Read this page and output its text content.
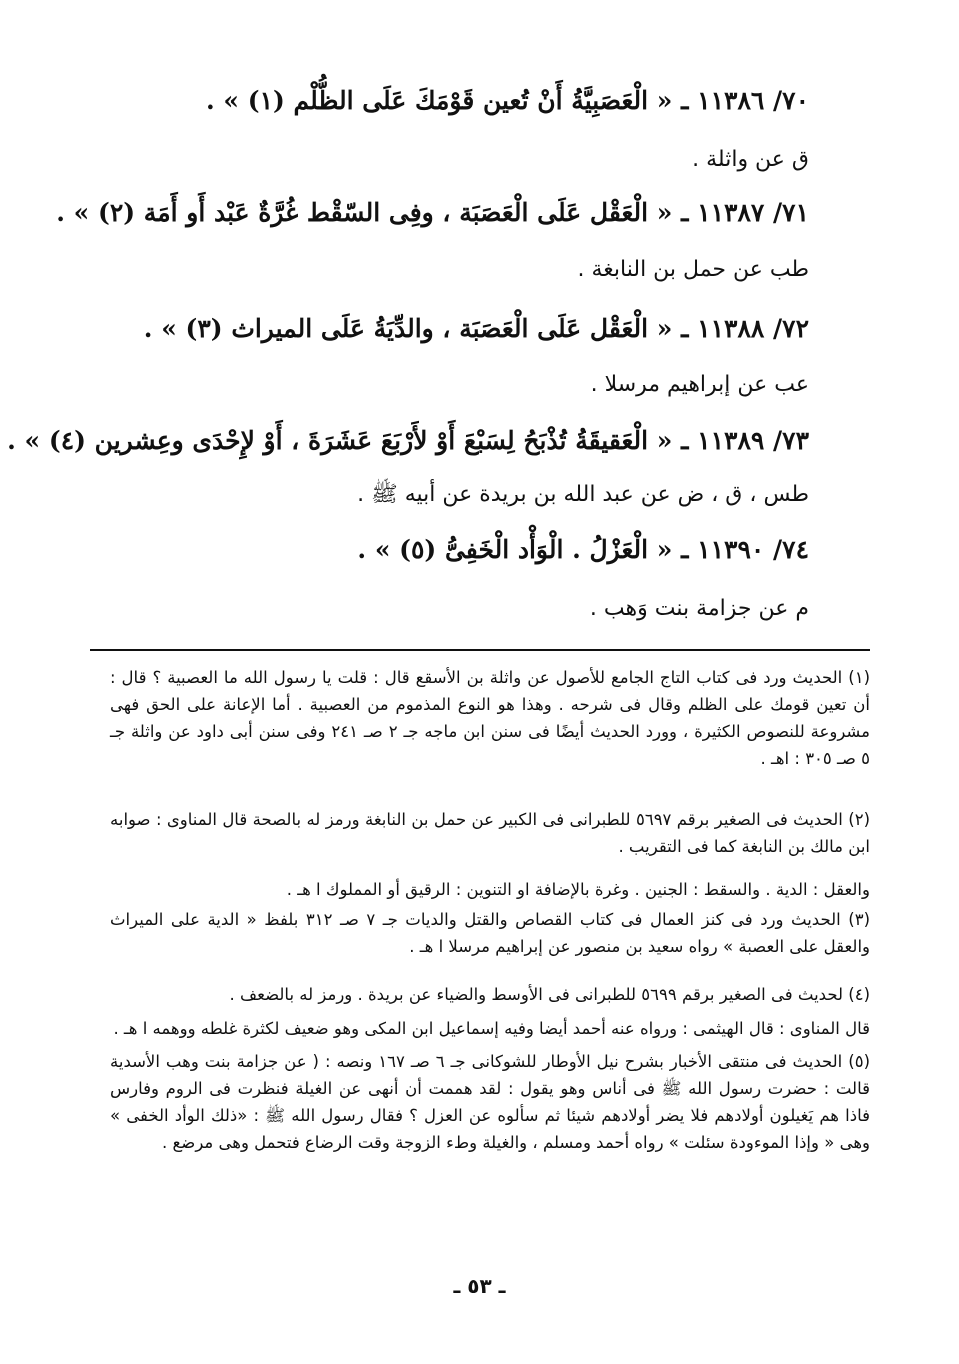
٧٠/ ١١٣٨٦ ـ « الْعَصَبِيَّةُ أَنْ تُعين قَوْمَكَ عَلَى الظُّلْم (١) » .
ق عن واثلة .
٧١/ ١١٣٨٧ ـ « الْعَقْل عَلَى الْعَصَبَة ، وفِى السّقْط غُرَّةٌ عَبْد أَو أَمَة (٢) » .
طب عن حمل بن النابغة .
٧٢/ ١١٣٨٨ ـ « الْعَقْل عَلَى الْعَصَبَة ، والدِّيَةُ عَلَى الميراث (٣) » .
عب عن إبراهيم مرسلا .
٧٣/ ١١٣٨٩ ـ « الْعَقيقَةُ تُذْبَحُ لِسَبْعَ أَوْ لأَرْبَعَ عَشَرَةَ ، أَوْ لإِحْدَى وعِشرين (٤) » .
طس ، ق ، ض عن عبد الله بن بريدة عن أبيه ﷺ .
٧٤/ ١١٣٩٠ ـ « الْعَزْلُ . الْوَأْد الْخَفِىُّ (٥) » .
م عن جزامة بنت وَهب .
(١) الحديث ورد فى كتاب التاج الجامع للأصول عن واثلة بن الأسقع قال : قلت يا رسول الله ما العصبية ؟ قال : أن تعين قومك على الظلم وقال فى شرحه . وهذا هو النوع المذموم من العصبية . أما الإعانة على الحق فهى مشروعة للنصوص الكثيرة ، وورد الحديث أيضًا فى سنن ابن ماجه جـ ٢ صـ ٢٤١ وفى سنن أبى داود عن واثلة جـ ٥ صـ ٣٠٥ : اهـ .
(٢) الحديث فى الصغير برقم ٥٦٩٧ للطبرانى فى الكبير عن حمل بن النابغة ورمز له بالصحة قال المناوى : صوابه ابن مالك بن النابغة كما فى التقريب .
والعقل : الدية . والسقط : الجنين . وغرة بالإضافة او التنوين : الرقيق أو المملوك ا هـ .
(٣) الحديث ورد فى كنز العمال فى كتاب القصاص والقتل والديات جـ ٧ صـ ٣١٢ بلفظ « الدية على الميراث والعقل على العصبة » رواه سعيد بن منصور عن إبراهيم مرسلا ا هـ .
(٤) لحديث فى الصغير برقم ٥٦٩٩ للطبرانى فى الأوسط والضياء عن بريدة . ورمز له بالضعف .
قال المناوى : قال الهيثمى : ورواه عنه أحمد أيضا وفيه إسماعيل ابن المكى وهو ضعيف لكثرة غلطه ووهمه ا هـ .
(٥) الحديث فى منتقى الأخبار بشرح نيل الأوطار للشوكانى جـ ٦ صـ ١٦٧ ونصه : ( عن جزامة بنت وهب الأسدية قالت : حضرت رسول الله ﷺ فى أناس وهو يقول : لقد هممت أن أنهى عن الغيلة فنظرت فى الروم وفارس فاذا هم يَغيلون أولادهم فلا يضر أولادهم شيئا ثم سألوه عن العزل ؟ فقال رسول الله ﷺ : «ذلك الوأد الخفى » وهى « وإذا الموءودة سئلت » رواه أحمد ومسلم ، والغيلة وطء الزوجة وقت الرضاع فتحمل وهى مرضع .
ـ ٥٣ ـ
